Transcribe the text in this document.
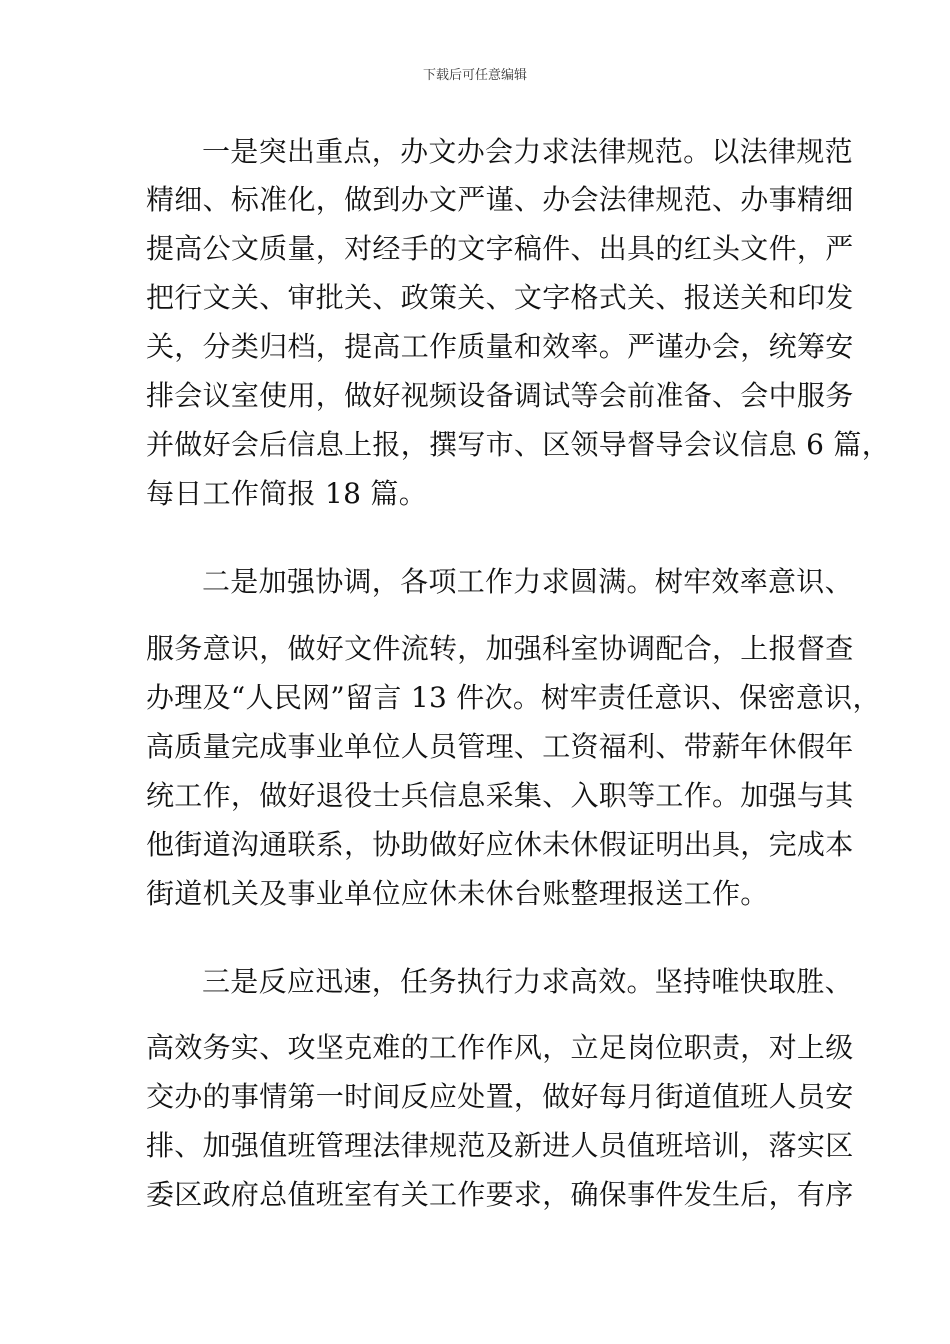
下载后可任意编辑
一是突出重点，办文办会力求法律规范。以法律规范
精细、标准化，做到办文严谨、办会法律规范、办事精细
提高公文质量，对经手的文字稿件、出具的红头文件，严
把行文关、审批关、政策关、文字格式关、报送关和印发
关，分类归档，提高工作质量和效率。严谨办会，统筹安
排会议室使用，做好视频设备调试等会前准备、会中服务
并做好会后信息上报，撰写市、区领导督导会议信息 6 篇，
每日工作简报 18 篇。
二是加强协调，各项工作力求圆满。树牢效率意识、
服务意识，做好文件流转，加强科室协调配合，上报督查
办理及“人民网”留言 13 件次。树牢责任意识、保密意识，
高质量完成事业单位人员管理、工资福利、带薪年休假年
统工作，做好退役士兵信息采集、入职等工作。加强与其
他街道沟通联系，协助做好应休未休假证明出具，完成本
街道机关及事业单位应休未休台账整理报送工作。
三是反应迅速，任务执行力求高效。坚持唯快取胜、
高效务实、攻坚克难的工作作风，立足岗位职责，对上级
交办的事情第一时间反应处置，做好每月街道值班人员安
排、加强值班管理法律规范及新进人员值班培训，落实区
委区政府总值班室有关工作要求，确保事件发生后，有序
